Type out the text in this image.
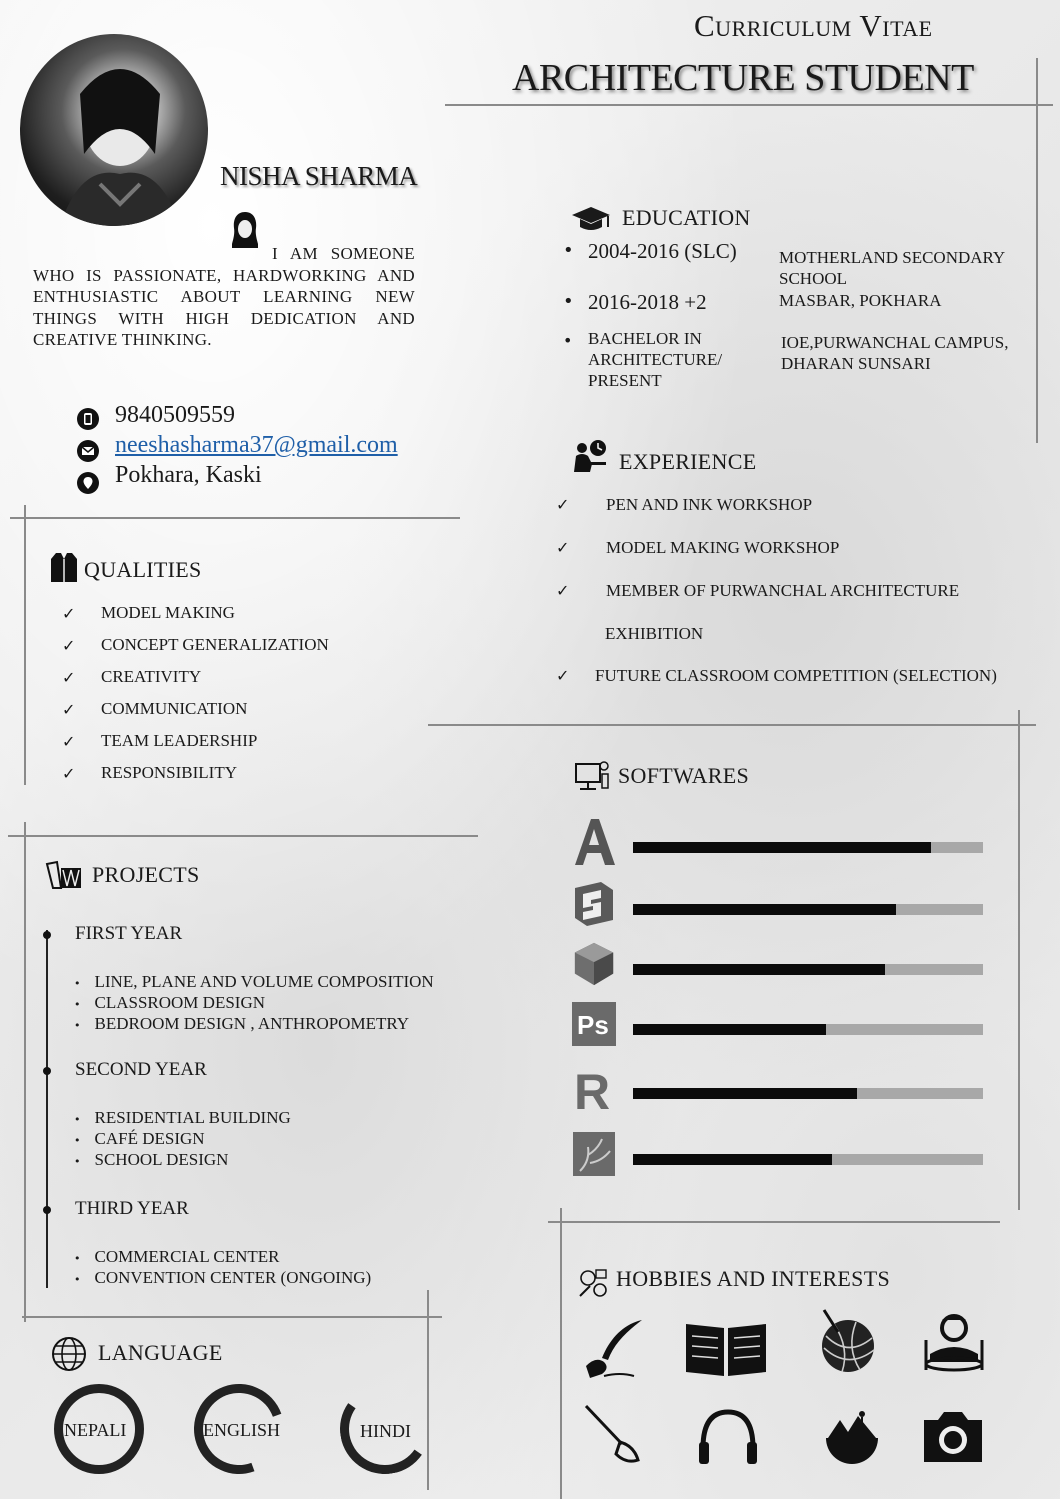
Curriculum Vitae
ARCHITECTURE STUDENT
NISHA SHARMA
I AM SOMEONE WHO IS PASSIONATE, HARDWORKING AND ENTHUSIASTIC ABOUT LEARNING NEW THINGS WITH HIGH DEDICATION AND CREATIVE THINKING.
9840509559
neeshasharma37@gmail.com
Pokhara, Kaski
QUALITIES
✓ MODEL MAKING
✓ CONCEPT GENERALIZATION
✓ CREATIVITY
✓ COMMUNICATION
✓ TEAM LEADERSHIP
✓ RESPONSIBILITY
PROJECTS
FIRST YEAR
• LINE, PLANE AND VOLUME COMPOSITION
• CLASSROOM DESIGN
• BEDROOM DESIGN , ANTHROPOMETRY
SECOND YEAR
• RESIDENTIAL BUILDING
• CAFÉ DESIGN
• SCHOOL DESIGN
THIRD YEAR
• COMMERCIAL CENTER
• CONVENTION CENTER (ONGOING)
LANGUAGE
NEPALI	ENGLISH	HINDI
EDUCATION
• 2004-2016 (SLC)
• 2016-2018 +2
• BACHELOR IN
ARCHITECTURE/
PRESENT
MOTHERLAND SECONDARY
SCHOOL
MASBAR, POKHARA
IOE,PURWANCHAL CAMPUS,
DHARAN SUNSARI
EXPERIENCE
✓ PEN AND INK WORKSHOP
✓ MODEL MAKING WORKSHOP
✓ MEMBER OF PURWANCHAL ARCHITECTURE
EXHIBITION
✓ FUTURE CLASSROOM COMPETITION (SELECTION)
SOFTWARES
Ps
R
HOBBIES AND INTERESTS
